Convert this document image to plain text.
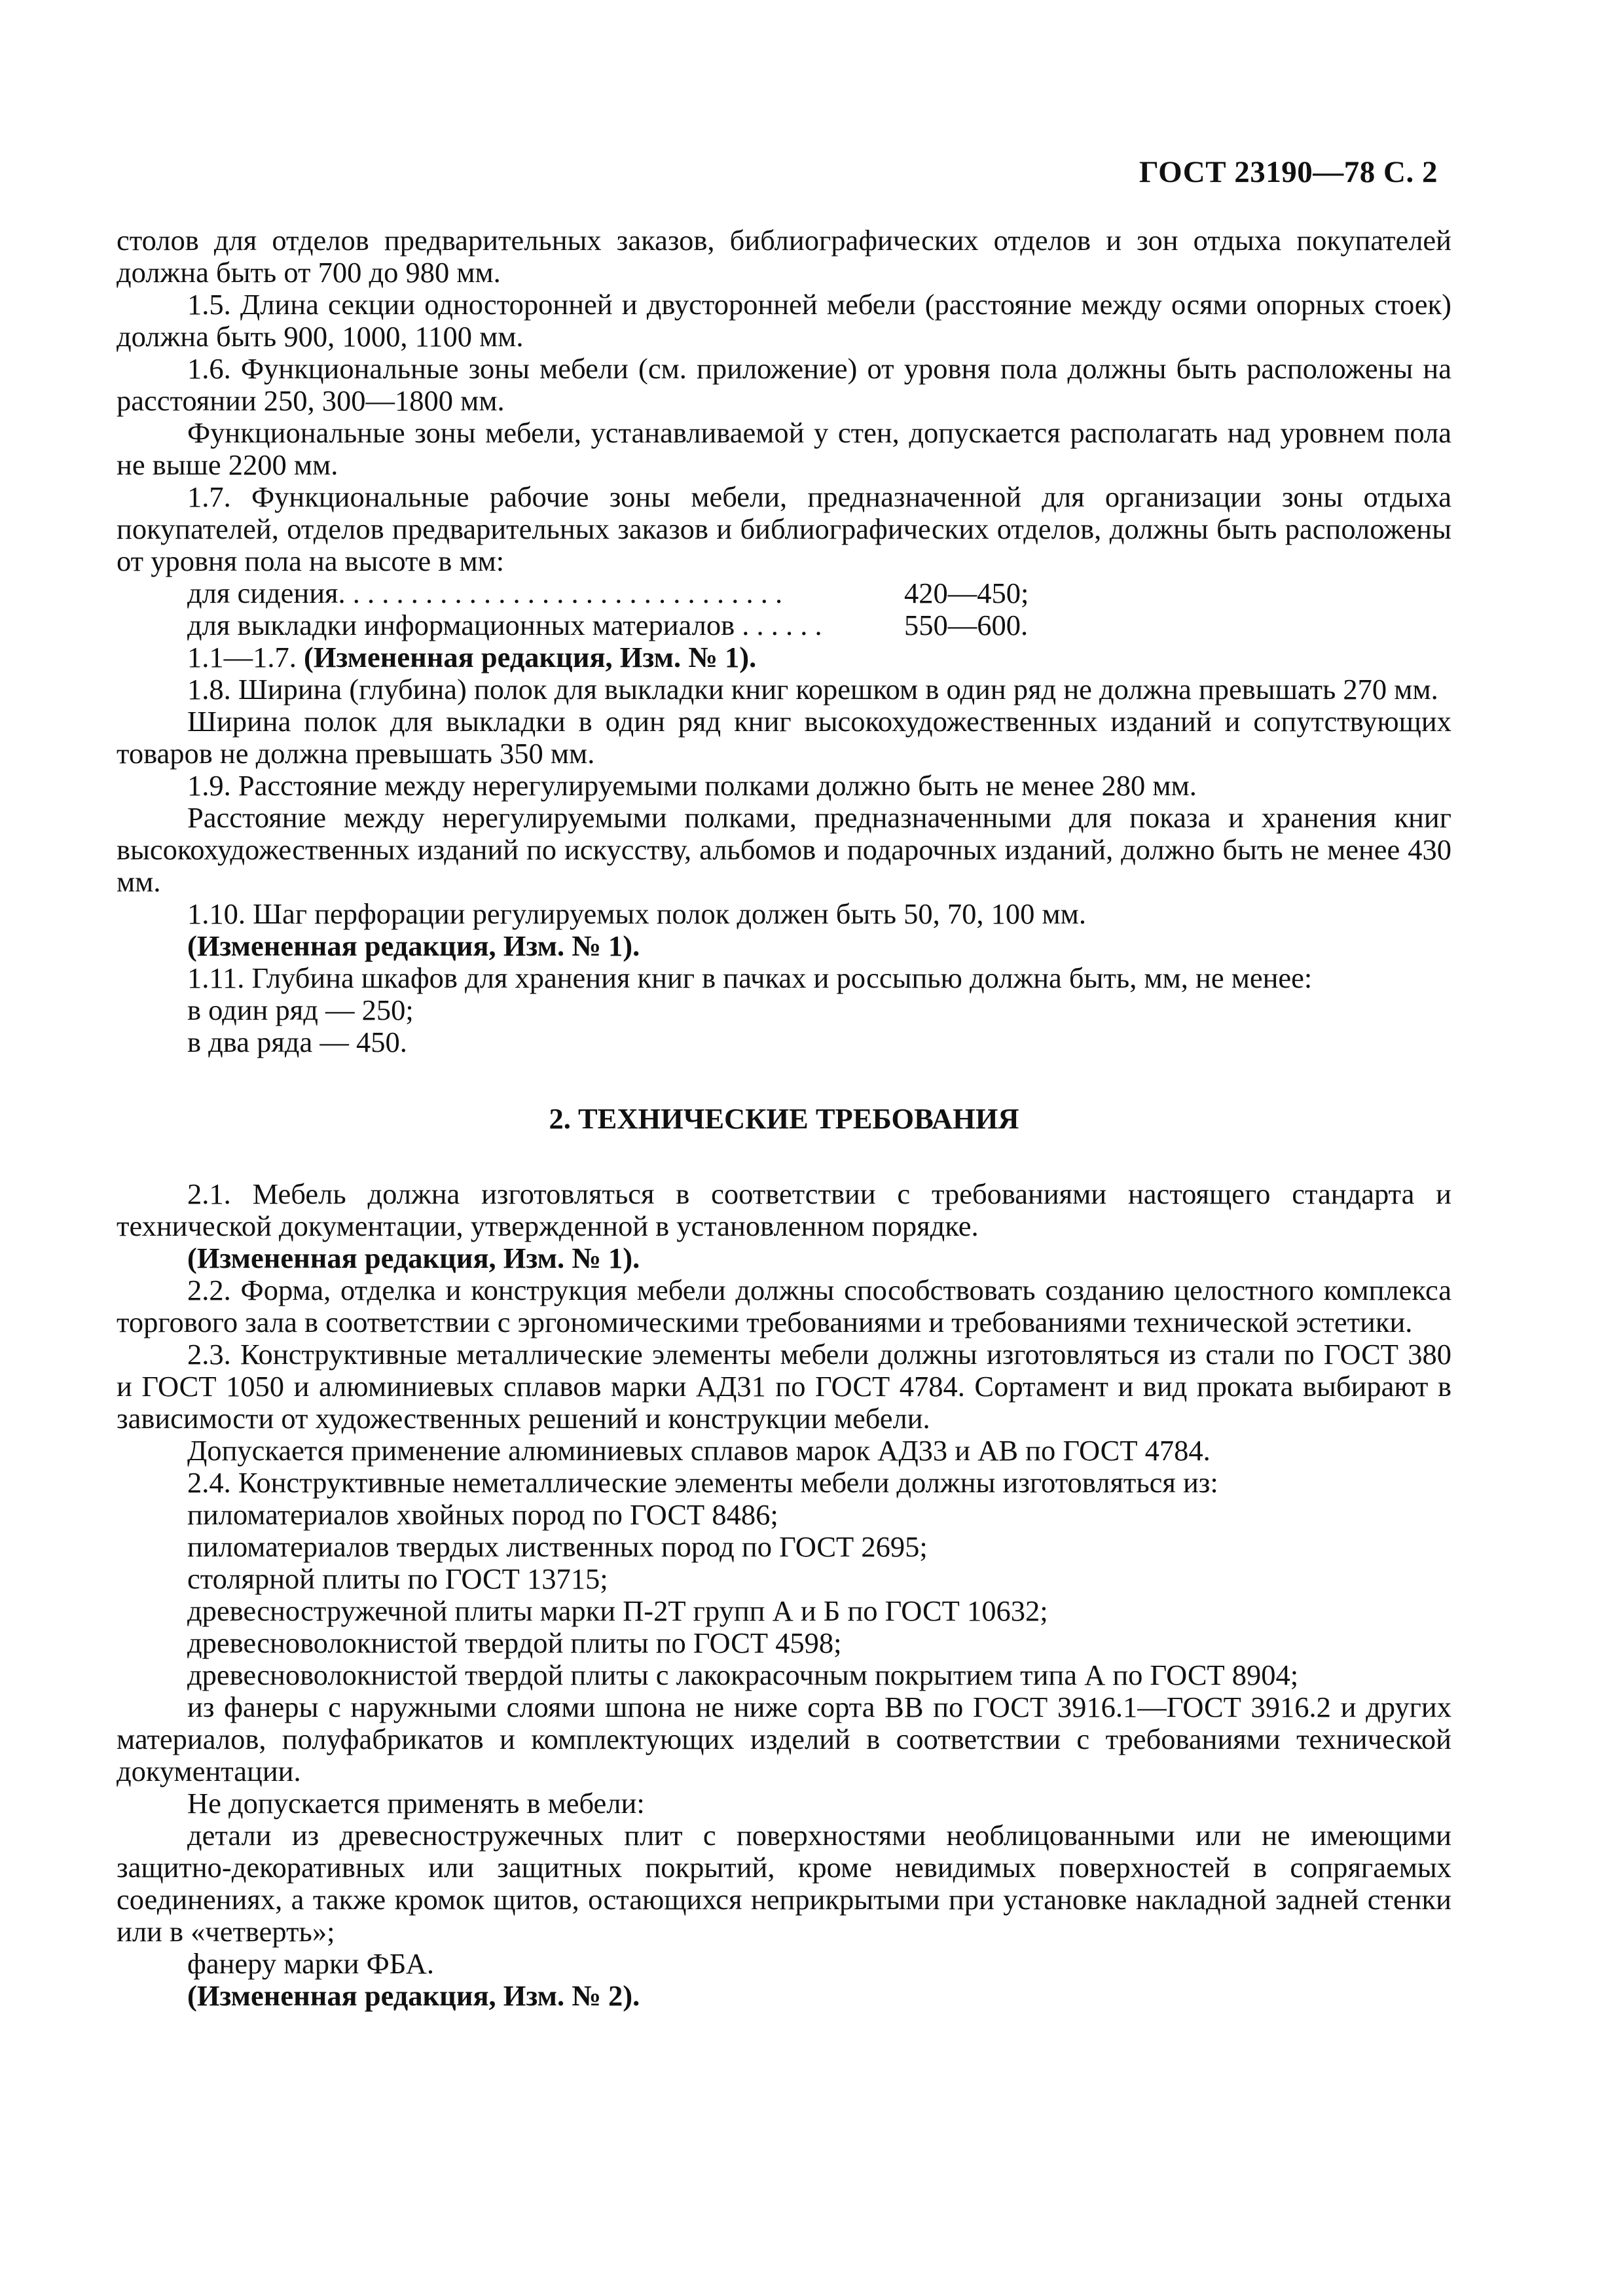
ГОСТ 23190—78 С. 2

столов для отделов предварительных заказов, библиографических отделов и зон отдыха покупателей должна быть от 700 до 980 мм.

1.5. Длина секции односторонней и двусторонней мебели (расстояние между осями опорных стоек) должна быть 900, 1000, 1100 мм.

1.6. Функциональные зоны мебели (см. приложение) от уровня пола должны быть расположены на расстоянии 250, 300—1800 мм.

Функциональные зоны мебели, устанавливаемой у стен, допускается располагать над уровнем пола не выше 2200 мм.

1.7. Функциональные рабочие зоны мебели, предназначенной для организации зоны отдыха покупателей, отделов предварительных заказов и библиографических отделов, должны быть расположены от уровня пола на высоте в мм:

для сидения. . . . . . . . . . . . . . . . . . . . . . . . . . . . . . .	420—450;
для выкладки информационных материалов . . . . . .	550—600.

1.1—1.7. (Измененная редакция, Изм. № 1).

1.8. Ширина (глубина) полок для выкладки книг корешком в один ряд не должна превышать 270 мм.

Ширина полок для выкладки в один ряд книг высокохудожественных изданий и сопутствующих товаров не должна превышать 350 мм.

1.9. Расстояние между нерегулируемыми полками должно быть не менее 280 мм.

Расстояние между нерегулируемыми полками, предназначенными для показа и хранения книг высокохудожественных изданий по искусству, альбомов и подарочных изданий, должно быть не менее 430 мм.

1.10. Шаг перфорации регулируемых полок должен быть 50, 70, 100 мм.

(Измененная редакция, Изм. № 1).

1.11. Глубина шкафов для хранения книг в пачках и россыпью должна быть, мм, не менее:

в один ряд — 250;

в два ряда — 450.

2. ТЕХНИЧЕСКИЕ ТРЕБОВАНИЯ

2.1. Мебель должна изготовляться в соответствии с требованиями настоящего стандарта и технической документации, утвержденной в установленном порядке.

(Измененная редакция, Изм. № 1).

2.2. Форма, отделка и конструкция мебели должны способствовать созданию целостного комплекса торгового зала в соответствии с эргономическими требованиями и требованиями технической эстетики.

2.3. Конструктивные металлические элементы мебели должны изготовляться из стали по ГОСТ 380 и ГОСТ 1050 и алюминиевых сплавов марки АД31 по ГОСТ 4784. Сортамент и вид проката выбирают в зависимости от художественных решений и конструкции мебели.

Допускается применение алюминиевых сплавов марок АД33 и АВ по ГОСТ 4784.

2.4. Конструктивные неметаллические элементы мебели должны изготовляться из:

пиломатериалов хвойных пород по ГОСТ 8486;

пиломатериалов твердых лиственных пород по ГОСТ 2695;

столярной плиты по ГОСТ 13715;

древесностружечной плиты марки П-2Т групп А и Б по ГОСТ 10632;

древесноволокнистой твердой плиты по ГОСТ 4598;

древесноволокнистой твердой плиты с лакокрасочным покрытием типа А по ГОСТ 8904;

из фанеры с наружными слоями шпона не ниже сорта ВВ по ГОСТ 3916.1—ГОСТ 3916.2 и других материалов, полуфабрикатов и комплектующих изделий в соответствии с требованиями технической документации.

Не допускается применять в мебели:

детали из древесностружечных плит с поверхностями необлицованными или не имеющими защитно-декоративных или защитных покрытий, кроме невидимых поверхностей в сопрягаемых соединениях, а также кромок щитов, остающихся неприкрытыми при установке накладной задней стенки или в «четверть»;

фанеру марки ФБА.

(Измененная редакция, Изм. № 2).
